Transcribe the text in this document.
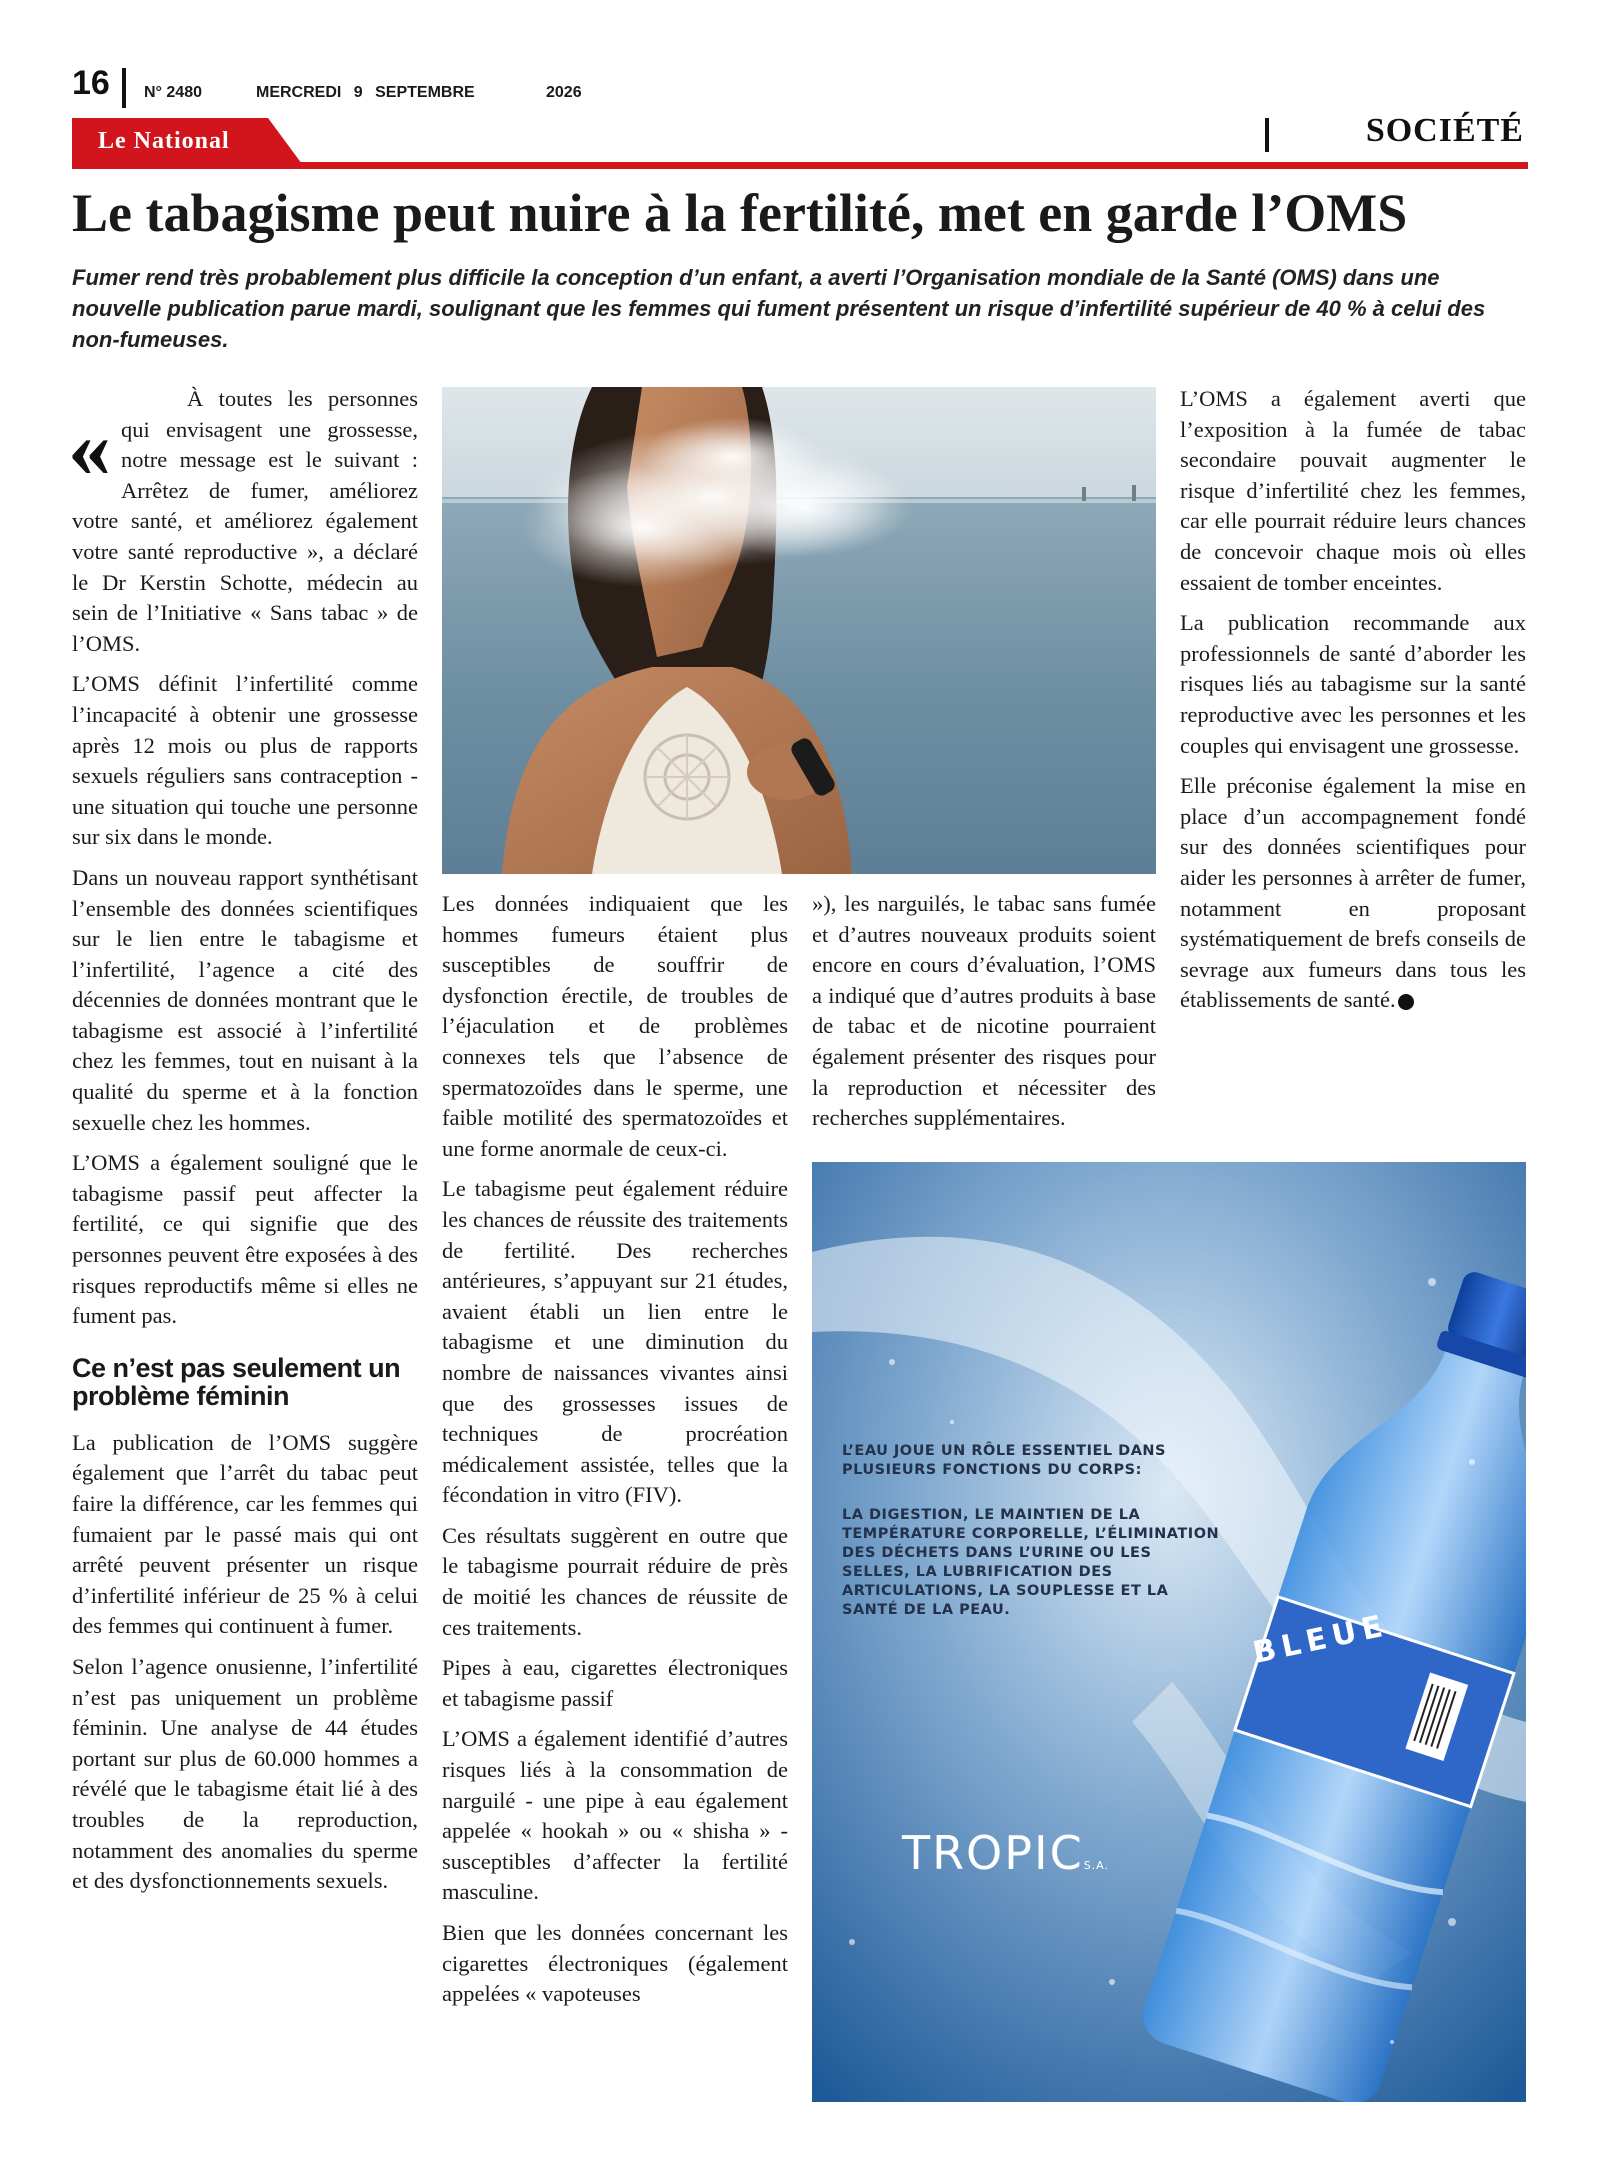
16 N° 2480	MERCREDI 9 SEPTEMBRE	2026
Le National	SOCIÉTÉ
Le tabagisme peut nuire à la fertilité, met en garde l’OMS

Fumer rend très probablement plus difficile la conception d’un enfant, a averti l’Organisation mondiale de la Santé (OMS) dans une nouvelle publication parue mardi, soulignant que les femmes qui fument présentent un risque d’infertilité supérieur de 40 % à celui des non-fumeuses.

«

À toutes les personnes qui envisagent une grossesse, notre message est le suivant : Arrêtez de fumer, améliorez votre santé, et améliorez également votre santé reproductive », a déclaré le Dr Kerstin Schotte, médecin au sein de l’Initiative « Sans tabac » de l’OMS.

L’OMS définit l’infertilité comme l’incapacité à obtenir une grossesse après 12 mois ou plus de rapports sexuels réguliers sans contraception - une situation qui touche une personne sur six dans le monde.

Dans un nouveau rapport synthétisant l’ensemble des données scientifiques sur le lien entre le tabagisme et l’infertilité, l’agence a cité des décennies de données montrant que le tabagisme est associé à l’infertilité chez les femmes, tout en nuisant à la qualité du sperme et à la fonction sexuelle chez les hommes.

L’OMS a également souligné que le tabagisme passif peut affecter la fertilité, ce qui signifie que des personnes peuvent être exposées à des risques reproductifs même si elles ne fument pas.

Ce n’est pas seulement un problème féminin

La publication de l’OMS suggère également que l’arrêt du tabac peut faire la différence, car les femmes qui fumaient par le passé mais qui ont arrêté peuvent présenter un risque d’infertilité inférieur de 25 % à celui des femmes qui continuent à fumer.

Selon l’agence onusienne, l’infertilité n’est pas uniquement un problème féminin. Une analyse de 44 études portant sur plus de 60.000 hommes a révélé que le tabagisme était lié à des troubles de la reproduction, notamment des anomalies du sperme et des dysfonctionnements sexuels.

Les données indiquaient que les hommes fumeurs étaient plus susceptibles de souffrir de dysfonction érectile, de troubles de l’éjaculation et de problèmes connexes tels que l’absence de spermatozoïdes dans le sperme, une faible motilité des spermatozoïdes et une forme anormale de ceux-ci.

Le tabagisme peut également réduire les chances de réussite des traitements de fertilité. Des recherches antérieures, s’appuyant sur 21 études, avaient établi un lien entre le tabagisme et une diminution du nombre de naissances vivantes ainsi que des grossesses issues de techniques de procréation médicalement assistée, telles que la fécondation in vitro (FIV).

Ces résultats suggèrent en outre que le tabagisme pourrait réduire de près de moitié les chances de réussite de ces traitements.

Pipes à eau, cigarettes électroniques et tabagisme passif

L’OMS a également identifié d’autres risques liés à la consommation de narguilé - une pipe à eau également appelée « hookah » ou « shisha » - susceptibles d’affecter la fertilité masculine.

Bien que les données concernant les cigarettes électroniques (également appelées « vapoteuses

»), les narguilés, le tabac sans fumée et d’autres nouveaux produits soient encore en cours d’évaluation, l’OMS a indiqué que d’autres produits à base de tabac et de nicotine pourraient également présenter des risques pour la reproduction et nécessiter des recherches supplémentaires.

L’OMS a également averti que l’exposition à la fumée de tabac secondaire pouvait augmenter le risque d’infertilité chez les femmes, car elle pourrait réduire leurs chances de concevoir chaque mois où elles essaient de tomber enceintes.

La publication recommande aux professionnels de santé d’aborder les risques liés au tabagisme sur la santé reproductive avec les personnes et les couples qui envisagent une grossesse.

Elle préconise également la mise en place d’un accompagnement fondé sur des données scientifiques pour aider les personnes à arrêter de fumer, notamment en proposant systématiquement de brefs conseils de sevrage aux fumeurs dans tous les établissements de santé.

L’EAU JOUE UN RÔLE ESSENTIEL DANS PLUSIEURS FONCTIONS DU CORPS:
LA DIGESTION, LE MAINTIEN DE LA TEMPÉRATURE CORPORELLE, L’ÉLIMINATION DES DÉCHETS DANS L’URINE OU LES SELLES, LA LUBRIFICATION DES ARTICULATIONS, LA SOUPLESSE ET LA SANTÉ DE LA PEAU.
TROPICS.A.
BLEUE
